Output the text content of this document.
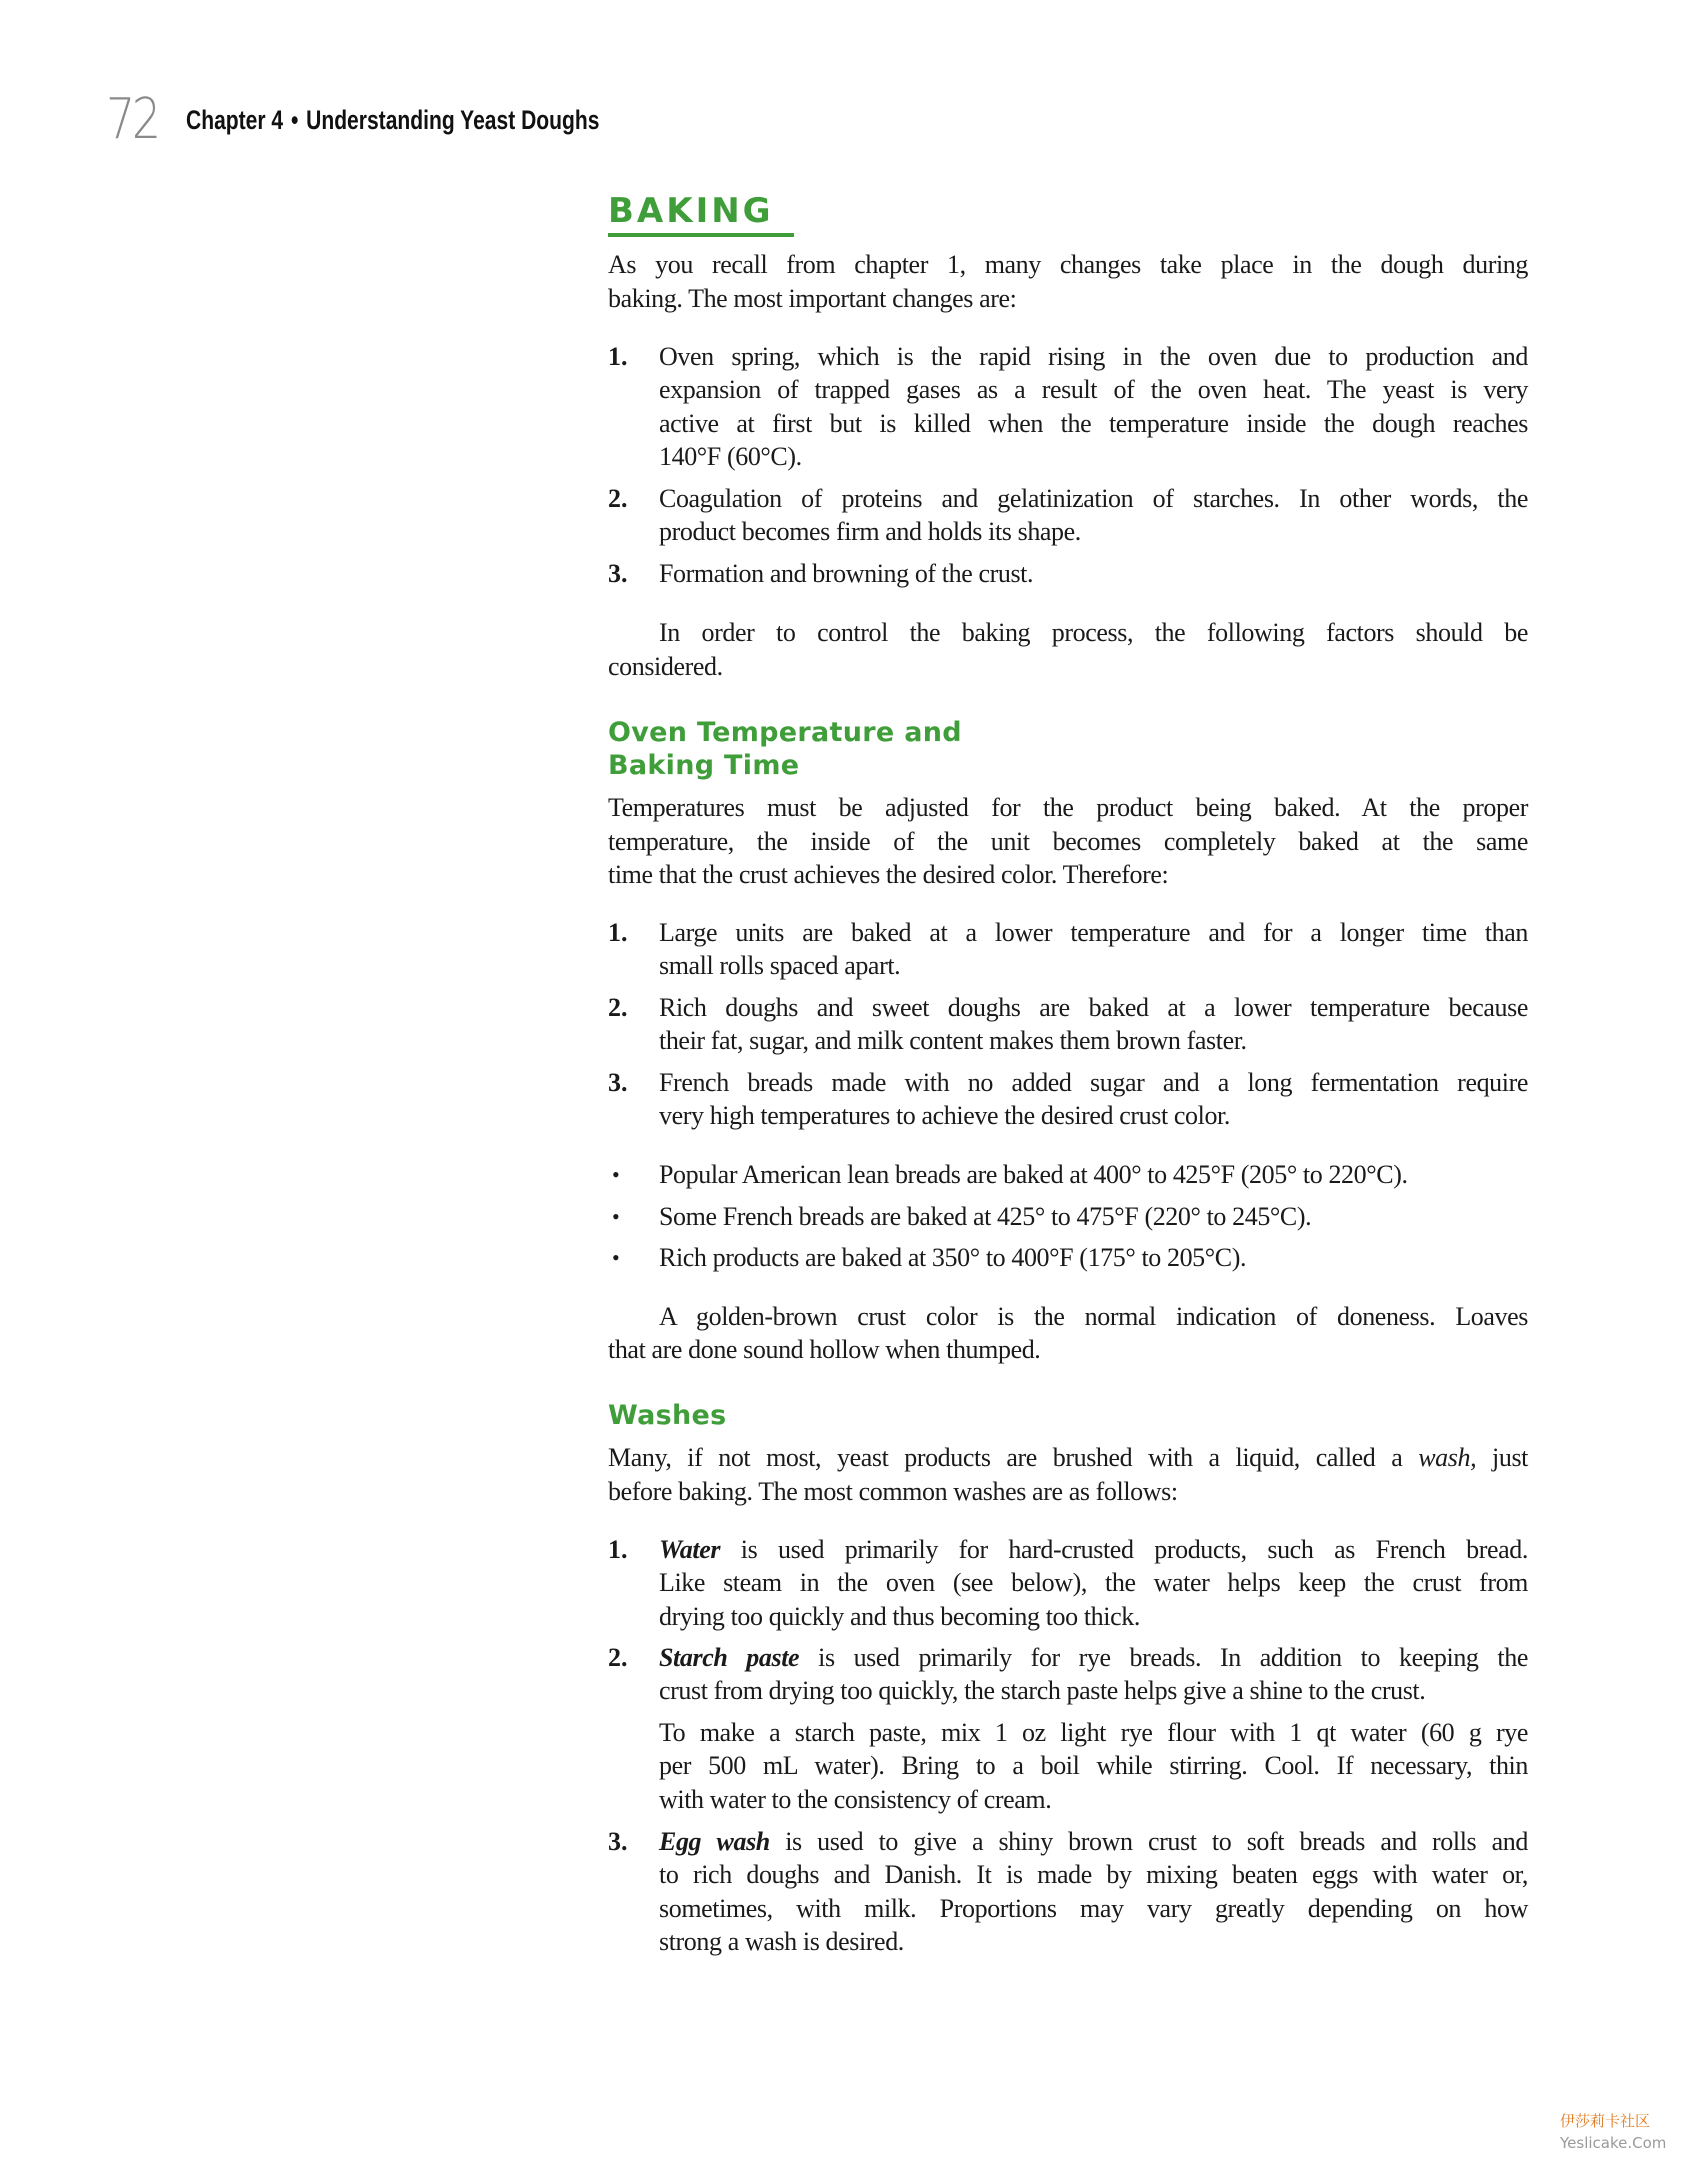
72 Chapter 4 • Understanding Yeast Doughs
BAKING
As you recall from chapter 1, many changes take place in the dough during
baking. The most important changes are:
1. Oven spring, which is the rapid rising in the oven due to production and
expansion of trapped gases as a result of the oven heat. The yeast is very
active at first but is killed when the temperature inside the dough reaches
140°F (60°C).
2. Coagulation of proteins and gelatinization of starches. In other words, the
product becomes firm and holds its shape.
3. Formation and browning of the crust.
In order to control the baking process, the following factors should be
considered.
Oven Temperature and
Baking Time
Temperatures must be adjusted for the product being baked. At the proper
temperature, the inside of the unit becomes completely baked at the same
time that the crust achieves the desired color. Therefore:
1. Large units are baked at a lower temperature and for a longer time than
small rolls spaced apart.
2. Rich doughs and sweet doughs are baked at a lower temperature because
their fat, sugar, and milk content makes them brown faster.
3. French breads made with no added sugar and a long fermentation require
very high temperatures to achieve the desired crust color.
• Popular American lean breads are baked at 400° to 425°F (205° to 220°C).
• Some French breads are baked at 425° to 475°F (220° to 245°C).
• Rich products are baked at 350° to 400°F (175° to 205°C).
A golden-brown crust color is the normal indication of doneness. Loaves
that are done sound hollow when thumped.
Washes
Many, if not most, yeast products are brushed with a liquid, called a wash, just
before baking. The most common washes are as follows:
1. Water is used primarily for hard-crusted products, such as French bread.
Like steam in the oven (see below), the water helps keep the crust from
drying too quickly and thus becoming too thick.
2. Starch paste is used primarily for rye breads. In addition to keeping the
crust from drying too quickly, the starch paste helps give a shine to the crust.
To make a starch paste, mix 1 oz light rye flour with 1 qt water (60 g rye
per 500 mL water). Bring to a boil while stirring. Cool. If necessary, thin
with water to the consistency of cream.
3. Egg wash is used to give a shiny brown crust to soft breads and rolls and
to rich doughs and Danish. It is made by mixing beaten eggs with water or,
sometimes, with milk. Proportions may vary greatly depending on how
strong a wash is desired.
伊莎莉卡社区
Yeslicake.Com
